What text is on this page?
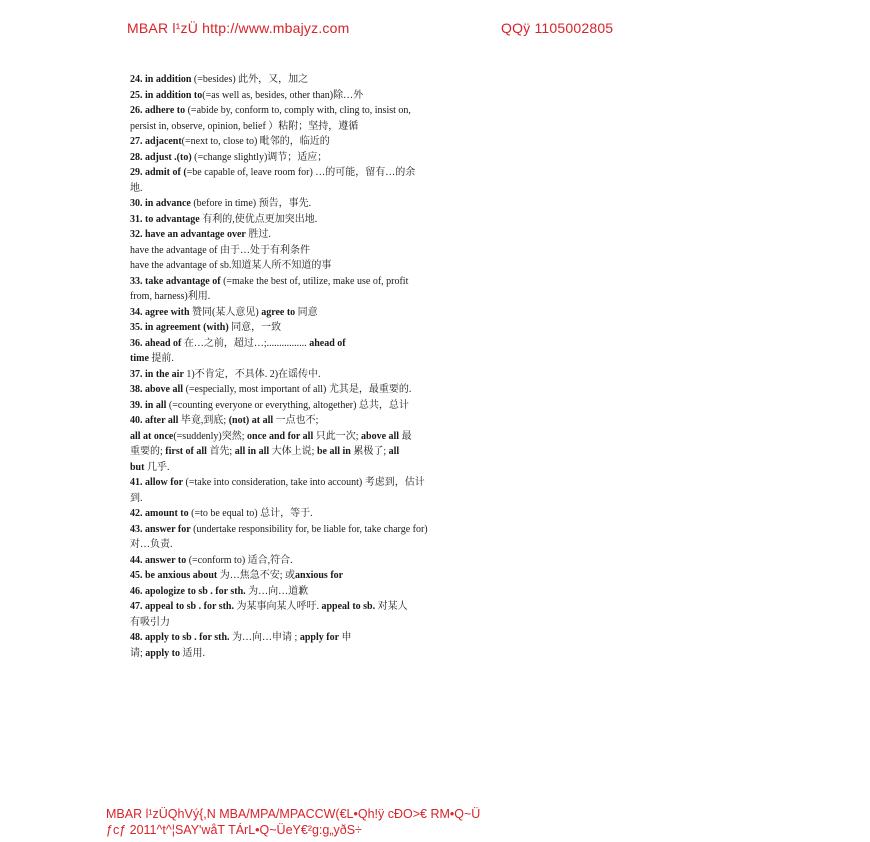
MBAR l¹zÜ http://www.mbajyz.com	QQÿ 1105002805
24. in addition (=besides) 此外，又，加之
25. in addition to(=as well as, besides, other than)除…外
26. adhere to (=abide by, conform to, comply with, cling to, insist on,
persist in, observe, opinion, belief ）粘附；坚持，遵循
27. adjacent(=next to, close to) 毗邻的，临近的
28. adjust .(to) (=change slightly)调节；适应；
29. admit of (=be capable of, leave room for) …的可能，留有…的余
地.
30. in advance (before in time) 预告，事先.
31. to advantage 有利的,使优点更加突出地.
32. have an advantage over 胜过.
have the advantage of 由于…处于有利条件
have the advantage of sb.知道某人所不知道的事
33. take advantage of (=make the best of, utilize, make use of, profit
from, harness)利用.
34. agree with 赞同(某人意见) agree to 同意
35. in agreement (with) 同意，一致
36. ahead of 在…之前，超过…;................ ahead of
time 提前.
37. in the air 1)不肯定，不具体. 2)在谣传中.
38. above all (=especially, most important of all) 尤其是，最重要的.
39. in all (=counting everyone or everything, altogether) 总共，总计
40. after all 毕竟,到底; (not) at all 一点也不;
all at once(=suddenly)突然; once and for all 只此一次; above all 最
重要的; first of all 首先; all in all 大体上说; be all in 累极了; all
but 几乎.
41. allow for (=take into consideration, take into account) 考虑到，估计
到.
42. amount to (=to be equal to) 总计，等于.
43. answer for (undertake responsibility for, be liable for, take charge for)
对…负责.
44. answer to (=conform to) 适合,符合.
45. be anxious about 为…焦急不安; 或anxious for
46. apologize to sb . for sth. 为…向…道歉
47. appeal to sb . for sth. 为某事向某人呼吁. appeal to sb. 对某人
有吸引力
48. apply to sb . for sth. 为…向…申请 ; apply for 申
请; apply to 适用.
MBAR l¹zÜQhVý{,N MBA/MPA/MPACCW(€L•Qh!ÿ cÐO>€ RM•Q~Ü
ƒcƒ 2011^t^¦SAY'wåT TÁrL•Q~ÜeY€²g:g„yðS÷
